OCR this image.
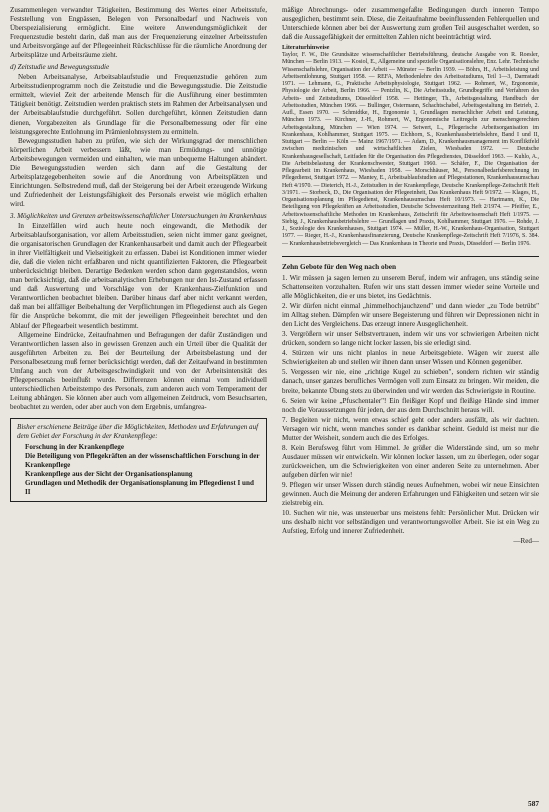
Zusammenlegen verwandter Tätigkeiten, Bestimmung des Wertes einer Arbeitsstufe, Feststellung von Engpässen, Belegen von Personalbedarf und Nachweis von Überspezialisierung ermöglicht. Eine weitere Anwendungsmöglichkeit der Frequenzstudie besteht darin, daß man aus der Frequenzierung einzelner Arbeitsstufen und Arbeitsvorgänge auf der Pflegeeinheit Rückschlüsse für die räumliche Anordnung der Arbeitsplätze und Arbeitsräume zieht.

d) Zeitstudie und Bewegungsstudie

Neben Arbeitsanalyse, Arbeitsablaufstudie und Frequenzstudie gehören zum Arbeitsstudienprogramm noch die Zeitstudie und die Bewegungsstudie. Die Zeitstudie ermittelt, wieviel Zeit der arbeitende Mensch für die Ausführung einer bestimmten Tätigkeit benötigt. Zeitstudien werden praktisch stets im Rahmen der Arbeitsanalysen und der Arbeitsablaufstudie durchgeführt. Sollen durchgeführt, können Zeitstudien dann dienen, Vorgabezeiten als Grundlage für die Personalbemessung oder für eine leistungsgerechte Entlohnung im Prämienlohnsystem zu ermitteln.

Bewegungsstudien haben zu prüfen, wie sich der Wirkungsgrad der menschlichen körperlichen Arbeit verbessern läßt, wie man Ermüdungs- und unnötige Arbeitsbewegungen vermeiden und einhalten, wie man unbequeme Haltungen abändert. Die Bewegungsstudien werden sich dann auf die Gestaltung der Arbeitsplatzgegebenheiten sowie auf die Anordnung von Arbeitsplätzen und Einrichtungen. Selbstredend muß, daß der Steigerung bei der Arbeit erzeugende Wirkung und Zufriedenheit der Leistungsfähigkeit des Personals erweist wie möglich erhalten wird.

3. Möglichkeiten und Grenzen arbeitswissenschaftlicher Untersuchungen im Krankenhaus

In Einzelfällen wird auch heute noch eingewandt, die Methodik der Arbeitsablaufsorganisation, vor allem Arbeitsstudien, seien nicht immer ganz geeignet, die organisatorischen Grundlagen der Krankenhausarbeit und damit auch der Pflegearbeit in ihrer Vielfältigkeit und Vielseitigkeit zu erfassen. Dabei ist Konditionen immer wieder die, daß die vielen nicht erfaßbaren und nicht quantifizierten Faktoren, die Pflegearbeit unberücksichtigt bleiben. Derartige Bedenken werden schon dann gegenstandslos, wenn man berücksichtigt, daß die arbeitsanalytischen Erhebungen nur den Ist-Zustand erfassen und daß Auswertung und Vorschläge von der Krankenhaus-Zielfunktion und Verantwortlichen beobachtet bleiben. Darüber hinaus darf aber nicht verkannt werden, daß man bei allfälliger Beibehaltung der Verpflichtungen im Pflegedienst auch als Gegen für die Ansprüche bekommt, die mit der jeweiligen Pflegeeinheit berechtet und den Ablauf der Pflegearbeit wesentlich bestimmt.

Allgemeine Eindrücke, Zeitaufnahmen und Befragungen der dafür Zuständigen und Verantwortlichen lassen also in gewissen Grenzen auch ein Urteil über die Qualität der ausgeführten Arbeiten zu. Bei der Beurteilung der Arbeitsbelastung und der Personalbesetzung muß ferner berücksichtigt werden, daß der Zeitaufwand in bestimmten Umfang auch von der Arbeitsgeschwindigkeit und von der Arbeitsintensität des Pflegepersonals beeinflußt wurde. Differenzen können einmal vom individuell unterschiedlichen Arbeitstempo des Personals, zum anderen auch vom Temperament der Leitung abhängen. Sie können aber auch vom allgemeinen Zeitdruck, vom Besuchsarten, beobachtet zu werden, oder aber auch von dem Ergebnis, umfangrea-

Bisher erschienene Beiträge über die Möglichkeiten, Methoden und Erfahrungen auf dem Gebiet der Forschung in der Krankenpflege:
Forschung in der Krankenpflege
Die Beteiligung von Pflegekräften an der wissenschaftlichen Forschung in der Krankenpflege
Krankenpflege aus der Sicht der Organisationsplanung
Grundlagen und Methodik der Organisationsplanung im Pflegedienst I und II

mäßige Abrechnungs- oder zusammengefaßte Bedingungen durch inneren Tempo ausgeglichen, bestimmt sein. Diese, die Zeitaufnahme beeinflussenden Fehlerquellen und Unterschiede können aber bei der Auswertung zum großen Teil ausgeschaltet werden, so daß die Aussagefähigkeit der ermittelten Zahlen nicht beeinträchtigt wird.

Literaturhinweise

Taylor, F. W., Die Grundsätze wissenschaftlicher Betriebsführung, deutsche Ausgabe von R. Roesler, München — Berlin 1913. — Kosiol, E., Allgemeine und spezielle Organisationslehre, Enz. Lehr. Technische Wissenschaftslehre, Organisation der Arbeit — Münster — Berlin 1939. — Böhrs, H., Arbeitsleistung und Arbeitsentlohnung, Stuttgart 1958. — REFA, Methodenlehre des Arbeitsstudiums, Teil 1—3, Darmstadt 1971. — Lehmann, G., Praktische Arbeitsphysiologie, Stuttgart 1962. — Rohmert, W., Ergonomie, Physiologie der Arbeit, Berlin 1966. — Pentzlin, K., Die Arbeitsstudie, Grundbegriffe und Verfahren des Arbeits- und Zeitstudiums, Düsseldorf 1958. — Hettinger, Th., Arbeitsgestaltung, Handbuch der Arbeitsstudien, München 1966. — Bullinger, Ostermann, Schachtschabel, Arbeitsgestaltung im Betrieb, 2. Aufl., Essen 1970. — Schmidtke, H., Ergonomie 1, Grundlagen menschlicher Arbeit und Leistung, München 1973. — Kirchner, J.-H., Rohmert, W., Ergonomische Leitregeln zur menschengerechten Arbeitsgestaltung, München — Wien 1974. — Seiwert, L., Pflegerische Arbeitsorganisation im Krankenhaus, Kohlhammer, Stuttgart 1975. — Eichhorn, S., Krankenhausbetriebslehre, Band I und II, Stuttgart — Berlin — Köln — Mainz 1967/1971. — Adam, D., Krankenhausmanagement im Konfliktfeld zwischen medizinischen und wirtschaftlichen Zielen, Wiesbaden 1972. — Deutsche Krankenhausgesellschaft, Leitfaden für die Organisation des Pflegedienstes, Düsseldorf 1963. — Kuhlo, A., Die Arbeitsbelastung der Krankenschwester, Stuttgart 1960. — Schäfer, F., Die Organisation der Pflegearbeit im Krankenhaus, Wiesbaden 1958. — Morschhäuser, M., Personalbedarfsberechnung im Pflegedienst, Stuttgart 1972. — Mantey, E., Arbeitsablaufstudien auf Pflegestationen, Krankenhausumschau Heft 4/1970. — Dieterich, H.-J., Zeitstudien in der Krankenpflege, Deutsche Krankenpflege-Zeitschrift Heft 3/1971. — Storbeck, D., Die Organisation der Pflegeeinheit, Das Krankenhaus Heft 9/1972. — Klages, H., Organisationsplanung im Pflegedienst, Krankenhausumschau Heft 10/1973. — Hartmann, K., Die Beteiligung von Pflegekräften an Arbeitsstudien, Deutsche Schwesternzeitung Heft 2/1974. — Pfeiffer, E., Arbeitswissenschaftliche Methoden im Krankenhaus, Zeitschrift für Arbeitswissenschaft Heft 1/1975. — Siebig, J., Krankenhausbetriebslehre — Grundlagen und Praxis, Kohlhammer, Stuttgart 1976. — Rohde, J. J., Soziologie des Krankenhauses, Stuttgart 1974. — Müller, H.-W., Krankenhaus-Organisation, Stuttgart 1977. — Rieger, H.-J., Krankenhausfinanzierung, Deutsche Krankenpflege-Zeitschrift Heft 7/1976, S. 384. — Krankenhausbetriebsvergleich — Das Krankenhaus in Theorie und Praxis, Düsseldorf — Berlin 1976.

Zehn Gebote für den Weg nach oben

1. Wir müssen ja sagen lernen zu unserem Beruf, indem wir anfragen, uns ständig seine Schattenseiten vorzuhalten. Rufen wir uns statt dessen immer wieder seine Vorteile und alle Möglichkeiten, die er uns bietet, ins Gedächtnis.

2. Wir dürfen nicht einmal „himmelhochjauchzend" und dann wieder „zu Tode betrübt" im Alltag stehen. Dämpfen wir unsere Begeisterung und führen wir Depressionen nicht in den Licht des Vergleichens. Das erzeugt innere Ausgeglichenheit.

3. Vergrößern wir unser Selbstvertrauen, indem wir uns vor schwierigen Arbeiten nicht drücken, sondern so lange nicht locker lassen, bis sie erledigt sind.

4. Stürzen wir uns nicht planlos in neue Arbeitsgebiete. Wägen wir zuerst alle Schwierigkeiten ab und stellen wir ihnen dann unser Wissen und Können gegenüber.

5. Vergessen wir nie, eine „richtige Kugel zu schieben", sondern richten wir ständig danach, unser ganzes berufliches Vermögen voll zum Einsatz zu bringen. Wir meiden, die breite, bekannte Übung stets zu überwinden und wir werden das Schwierigste in Routine.

6. Seien wir keine „Pfuschentaler"! Ein fleißiger Kopf und fleißige Hände sind immer noch die Voraussetzungen für jeden, der aus dem Durchschnitt heraus will.

7. Begleiten wir nicht, wenn etwas schief geht oder anders ausfällt, als wir dachten. Versagen wir nicht, wenn manches sonder es dankbar scheint. Geduld ist meist nur die Mutter der Weisheit, sondern auch die des Erfolges.

8. Kein Berufsweg führt vom Himmel. Je größer die Widerstände sind, um so mehr Ausdauer müssen wir entwickeln. Wir können locker lassen, um zu überlegen, oder sogar zurückweichen, um die Schwierigkeiten von einer anderen Seite zu unternehmen. Aber aufgeben dürfen wir nie!

9. Pflegen wir unser Wissen durch ständig neues Aufnehmen, wobei wir neue Einsichten gewinnen. Auch die Meinung der anderen Erfahrungen und Fähigkeiten und setzen wir sie zielstrebig ein.

10. Suchen wir nie, was unsteuerbar uns meistens fehlt: Persönlicher Mut. Drücken wir uns deshalb nicht vor selbständigen und verantwortungsvoller Arbeit. Sie ist ein Weg zu Aufstieg, Erfolg und innerer Zufriedenheit.

—Red—

587
